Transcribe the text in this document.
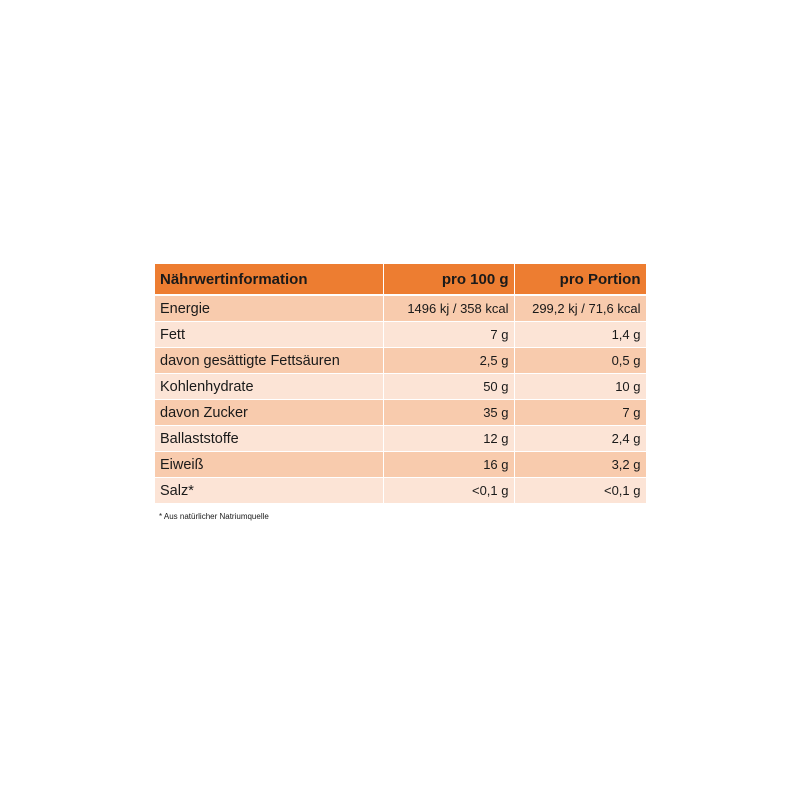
Nährwertinformation	pro 100 g	pro Portion
Energie	1496 kj / 358 kcal	299,2 kj / 71,6 kcal
Fett	7 g	1,4 g
davon gesättigte Fettsäuren	2,5 g	0,5 g
Kohlenhydrate	50 g	10 g
davon Zucker	35 g	7 g
Ballaststoffe	12 g	2,4 g
Eiweiß	16 g	3,2 g
Salz*	<0,1 g	<0,1 g
* Aus natürlicher Natriumquelle
